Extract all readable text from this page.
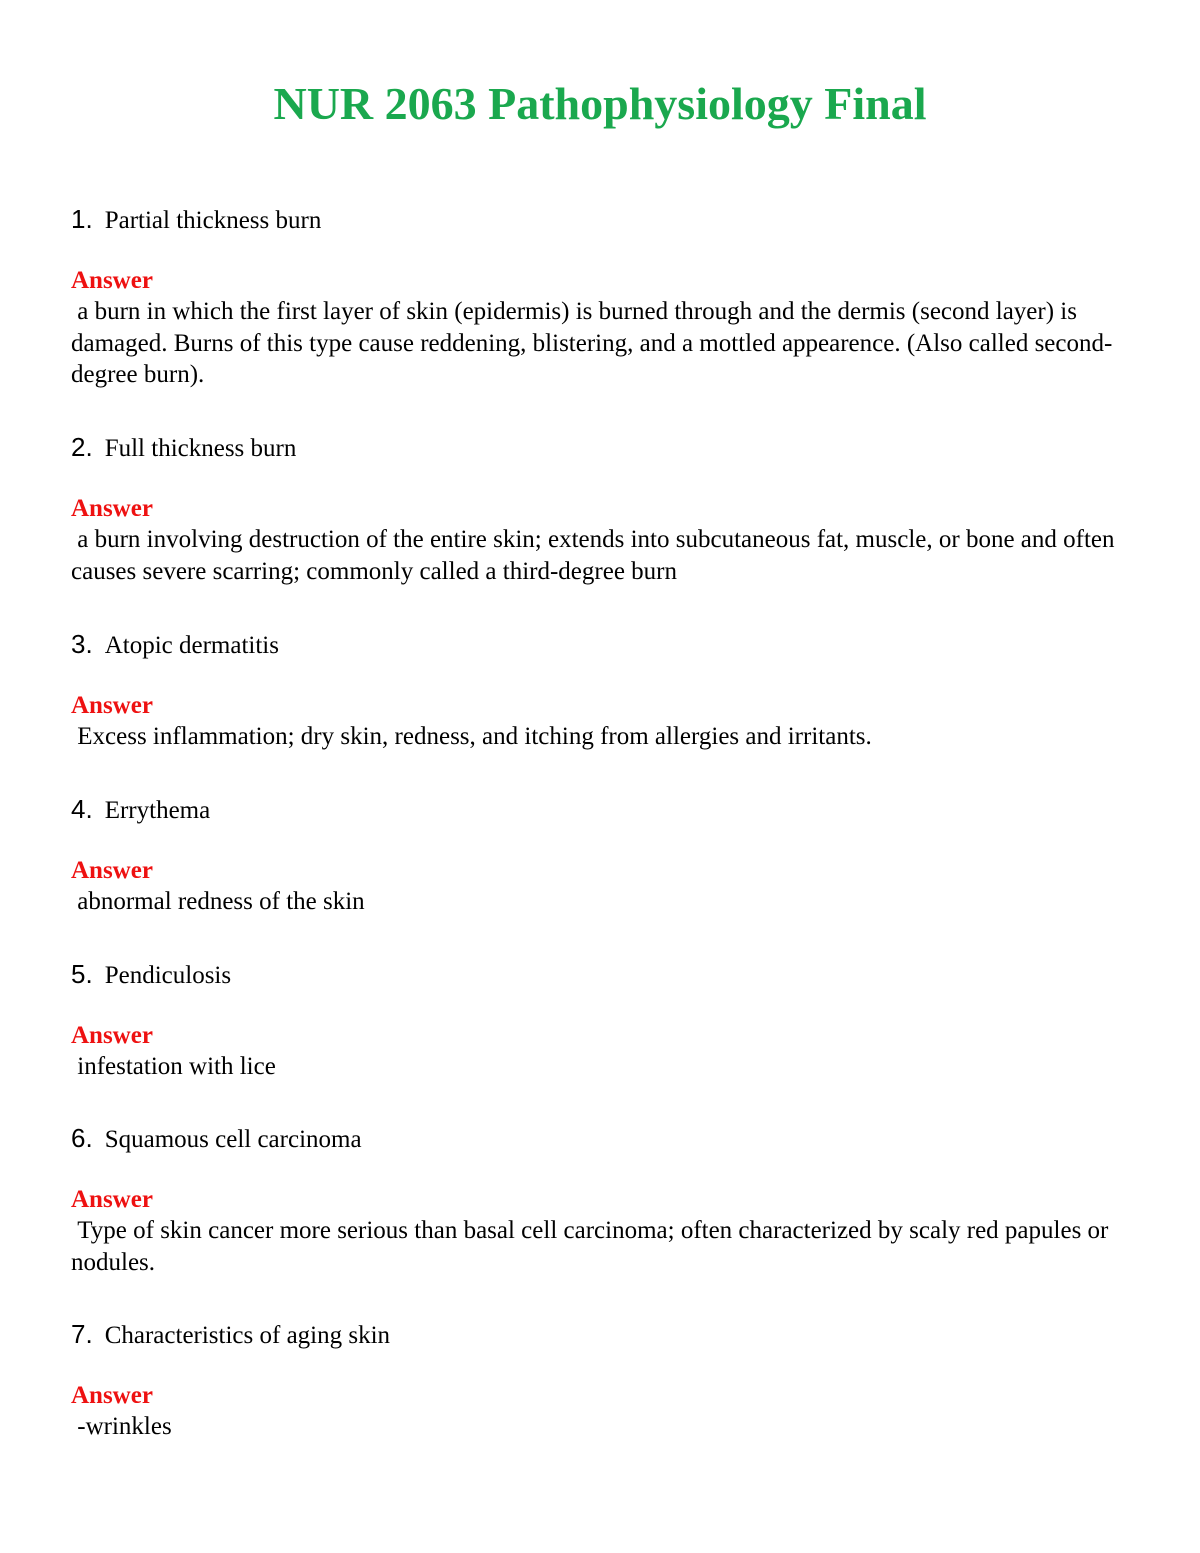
NUR 2063 Pathophysiology Final
1. Partial thickness burn
Answer
a burn in which the first layer of skin (epidermis) is burned through and the dermis (second layer) is damaged. Burns of this type cause reddening, blistering, and a mottled appearence. (Also called second-degree burn).
2. Full thickness burn
Answer
a burn involving destruction of the entire skin; extends into subcutaneous fat, muscle, or bone and often causes severe scarring; commonly called a third-degree burn
3. Atopic dermatitis
Answer
Excess inflammation; dry skin, redness, and itching from allergies and irritants.
4. Errythema
Answer
abnormal redness of the skin
5. Pendiculosis
Answer
infestation with lice
6. Squamous cell carcinoma
Answer
Type of skin cancer more serious than basal cell carcinoma; often characterized by scaly red papules or nodules.
7. Characteristics of aging skin
Answer
-wrinkles
